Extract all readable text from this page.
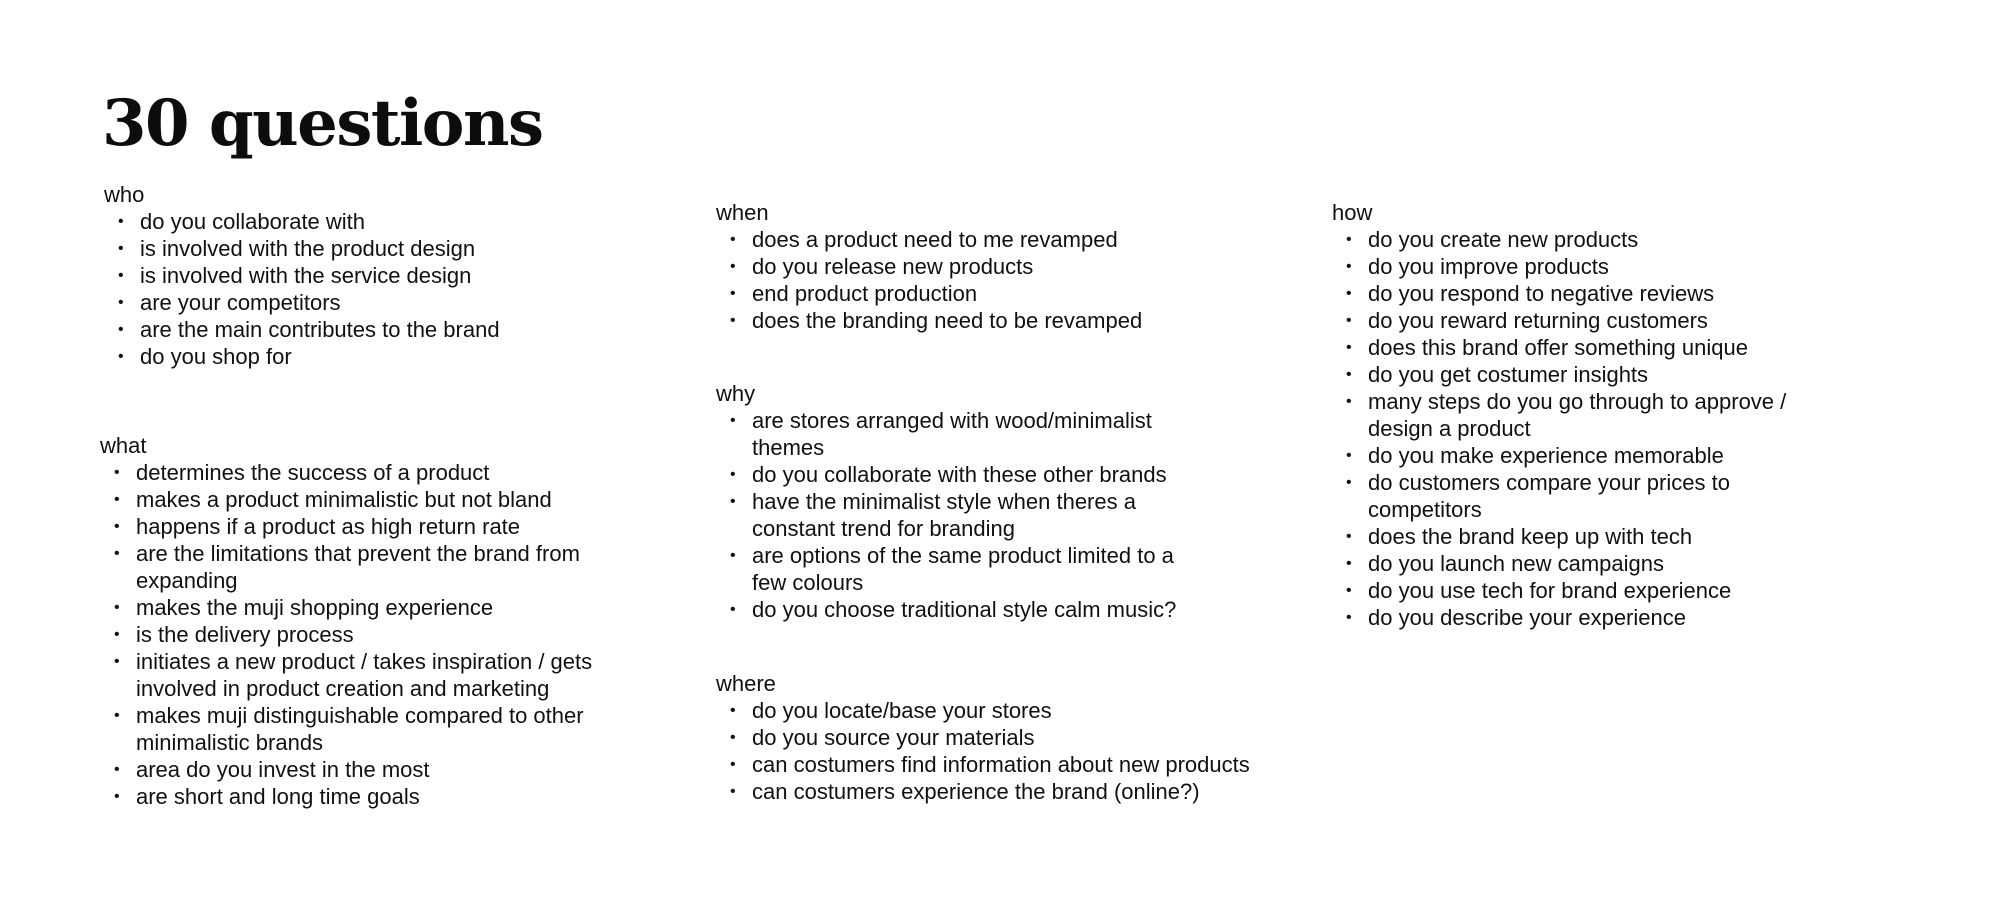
30 questions
who
• do you collaborate with
• is involved with the product design
• is involved with the service design
• are your competitors
• are the main contributes to the brand
• do you shop for
what
• determines the success of a product
• makes a product minimalistic but not bland
• happens if a product as high return rate
• are the limitations that prevent the brand from expanding
• makes the muji shopping experience
• is the delivery process
• initiates a new product / takes inspiration / gets involved in product creation and marketing
• makes muji distinguishable compared to other minimalistic brands
• area do you invest in the most
• are short and long time goals
when
• does a product need to me revamped
• do you release new products
• end product production
• does the branding need to be revamped
why
• are stores arranged with wood/minimalist themes
• do you collaborate with these other brands
• have the minimalist style when theres a constant trend for branding
• are options of the same product limited to a few colours
• do you choose traditional style calm music?
where
• do you locate/base your stores
• do you source your materials
• can costumers find information about new products
• can costumers experience the brand (online?)
how
• do you create new products
• do you improve products
• do you respond to negative reviews
• do you reward returning customers
• does this brand offer something unique
• do you get costumer insights
• many steps do you go through to approve / design a product
• do you make experience memorable
• do customers compare your prices to competitors
• does the brand keep up with tech
• do you launch new campaigns
• do you use tech for brand experience
• do you describe your experience
